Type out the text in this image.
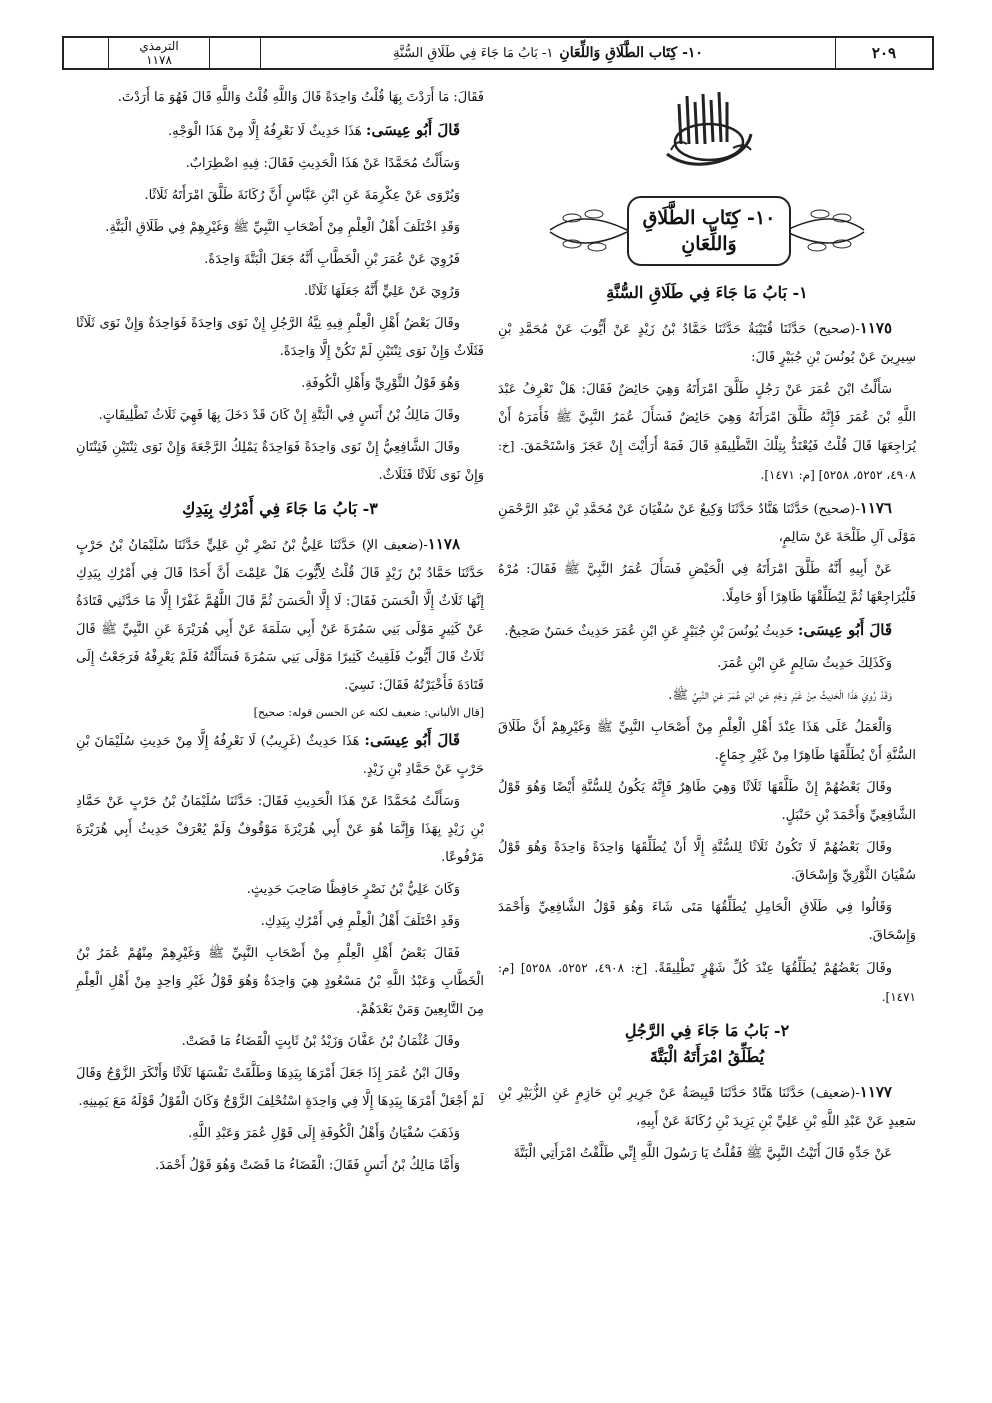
الترمذي
١١٧٨	١٠- كِتَاب الطَّلَاقِ وَاللِّعَانِ
١- بَابُ مَا جَاءَ فِي طَلَاقِ السُّنَّةِ	٢٠٩
١٠- كِتَاب الطَّلَاقِ
وَاللِّعَانِ
١- بَابُ مَا جَاءَ فِي طَلَاقِ السُّنَّةِ

١١٧٥-(صحيح) حَدَّثَنَا قُتَيْبَةُ حَدَّثَنَا حَمَّادُ بْنُ زَيْدٍ عَنْ أَيُّوبَ عَنْ مُحَمَّدِ بْنِ سِيرِينَ عَنْ يُونُسَ بْنِ جُبَيْرٍ قَالَ:

سَأَلْتُ ابْنَ عُمَرَ عَنْ رَجُلٍ طَلَّقَ امْرَأَتَهُ وَهِيَ حَائِضٌ فَقَالَ: هَلْ تَعْرِفُ عَبْدَ اللَّهِ بْنَ عُمَرَ فَإِنَّهُ طَلَّقَ امْرَأَتَهُ وَهِيَ حَائِضٌ فَسَأَلَ عُمَرُ النَّبِيَّ ﷺ فَأَمَرَهُ أَنْ يُرَاجِعَهَا قَالَ قُلْتُ فَيُعْتَدُّ بِتِلْكَ التَّطْلِيقَةِ قَالَ فَمَهْ أَرَأَيْتَ إِنْ عَجَزَ وَاسْتَحْمَقَ. [خ: ٤٩٠٨، ٥٢٥٢، ٥٢٥٨] [م: ١٤٧١].

١١٧٦-(صحيح) حَدَّثَنَا هَنَّادٌ حَدَّثَنَا وَكِيعٌ عَنْ سُفْيَانَ عَنْ مُحَمَّدِ بْنِ عَبْدِ الرَّحْمَنِ مَوْلَى آلِ طَلْحَةَ عَنْ سَالِمٍ،

عَنْ أَبِيهِ أَنَّهُ طَلَّقَ امْرَأَتَهُ فِي الْحَيْضِ فَسَأَلَ عُمَرُ النَّبِيَّ ﷺ فَقَالَ: مُرْهُ فَلْيُرَاجِعْهَا ثُمَّ لِيُطَلِّقْهَا طَاهِرًا أَوْ حَامِلًا.

قَالَ أَبُو عِيسَى: حَدِيثُ يُونُسَ بْنِ جُبَيْرٍ عَنِ ابْنِ عُمَرَ حَدِيثٌ حَسَنٌ صَحِيحٌ.

وَكَذَلِكَ حَدِيثُ سَالِمٍ عَنِ ابْنِ عُمَرَ.

وَقَدْ رُوِيَ هَذَا الْحَدِيثُ مِنْ غَيْرِ وَجْهٍ عَنِ ابْنِ عُمَرَ عَنِ النَّبِيِّ ﷺ.

وَالْعَمَلُ عَلَى هَذَا عِنْدَ أَهْلِ الْعِلْمِ مِنْ أَصْحَابِ النَّبِيِّ ﷺ وَغَيْرِهِمْ أَنَّ طَلَاقَ السُّنَّةِ أَنْ يُطَلِّقَهَا طَاهِرًا مِنْ غَيْرِ جِمَاعٍ.

وقَالَ بَعْضُهُمْ إِنْ طَلَّقَهَا ثَلَاثًا وَهِيَ طَاهِرٌ فَإِنَّهُ يَكُونُ لِلسُّنَّةِ أَيْضًا وَهُوَ قَوْلُ الشَّافِعِيِّ وَأَحْمَدَ بْنِ حَنْبَلٍ.

وقَالَ بَعْضُهُمْ لَا تَكُونُ ثَلَاثًا لِلسُّنَّةِ إِلَّا أَنْ يُطَلِّقَهَا وَاحِدَةً وَاحِدَةً وَهُوَ قَوْلُ سُفْيَانَ الثَّوْرِيِّ وَإِسْحَاقَ.

وَقَالُوا فِي طَلَاقِ الْحَامِلِ يُطَلِّقُهَا مَتَى شَاءَ وَهُوَ قَوْلُ الشَّافِعِيِّ وَأَحْمَدَ وَإِسْحَاقَ.

وقَالَ بَعْضُهُمْ يُطَلِّقُهَا عِنْدَ كُلِّ شَهْرٍ تَطْلِيقَةً. [خ: ٤٩٠٨، ٥٢٥٢، ٥٢٥٨] [م: ١٤٧١].

٢- بَابُ مَا جَاءَ فِي الرَّجُلِ
يُطَلِّقُ امْرَأَتَهُ الْبَتَّةَ

١١٧٧-(ضعيف) حَدَّثَنَا هَنَّادٌ حَدَّثَنَا قَبِيصَةُ عَنْ جَرِيرِ بْنِ حَازِمٍ عَنِ الزُّبَيْرِ بْنِ سَعِيدٍ عَنْ عَبْدِ اللَّهِ بْنِ عَلِيِّ بْنِ يَزِيدَ بْنِ رُكَانَةَ عَنْ أَبِيهِ،

عَنْ جَدِّهِ قَالَ أَتَيْتُ النَّبِيَّ ﷺ فَقُلْتُ يَا رَسُولَ اللَّهِ إِنِّي طَلَّقْتُ امْرَأَتِي الْبَتَّةَ

فَقَالَ: مَا أَرَدْتَ بِهَا قُلْتُ وَاحِدَةً قَالَ وَاللَّهِ قُلْتُ وَاللَّهِ قَالَ فَهُوَ مَا أَرَدْتَ.

قَالَ أَبُو عِيسَى: هَذَا حَدِيثٌ لَا نَعْرِفُهُ إِلَّا مِنْ هَذَا الْوَجْهِ.

وَسَأَلْتُ مُحَمَّدًا عَنْ هَذَا الْحَدِيثِ فَقَالَ: فِيهِ اضْطِرَابٌ.

وَيُرْوَى عَنْ عِكْرِمَةَ عَنِ ابْنِ عَبَّاسٍ أَنَّ رُكَانَةَ طَلَّقَ امْرَأَتَهُ ثَلَاثًا.

وَقَدِ اخْتَلَفَ أَهْلُ الْعِلْمِ مِنْ أَصْحَابِ النَّبِيِّ ﷺ وَغَيْرِهِمْ فِي طَلَاقِ الْبَتَّةِ.

فَرُوِيَ عَنْ عُمَرَ بْنِ الْخَطَّابِ أَنَّهُ جَعَلَ الْبَتَّةَ وَاحِدَةً.

وَرُوِيَ عَنْ عَلِيٍّ أَنَّهُ جَعَلَهَا ثَلَاثًا.

وقَالَ بَعْضُ أَهْلِ الْعِلْمِ فِيهِ نِيَّةُ الرَّجُلِ إِنْ نَوَى وَاحِدَةً فَوَاحِدَةٌ وَإِنْ نَوَى ثَلَاثًا فَثَلَاثٌ وَإِنْ نَوَى ثِنْتَيْنِ لَمْ تَكُنْ إِلَّا وَاحِدَةً.

وَهُوَ قَوْلُ الثَّوْرِيِّ وَأَهْلِ الْكُوفَةِ.

وقَالَ مَالِكُ بْنُ أَنَسٍ فِي الْبَتَّةِ إِنْ كَانَ قَدْ دَخَلَ بِهَا فَهِيَ ثَلَاثُ تَطْلِيقَاتٍ.

وقَالَ الشَّافِعِيُّ إِنْ نَوَى وَاحِدَةً فَوَاحِدَةٌ يَمْلِكُ الرَّجْعَةَ وَإِنْ نَوَى ثِنْتَيْنِ فَثِنْتَانِ وَإِنْ نَوَى ثَلَاثًا فَثَلَاثٌ.

٣- بَابُ مَا جَاءَ فِي أَمْرُكِ بِيَدِكِ

١١٧٨-(ضعيف الإ) حَدَّثَنَا عَلِيُّ بْنُ نَصْرِ بْنِ عَلِيٍّ حَدَّثَنَا سُلَيْمَانُ بْنُ حَرْبٍ حَدَّثَنَا حَمَّادُ بْنُ زَيْدٍ قَالَ قُلْتُ لِأَيُّوبَ هَلْ عَلِمْتَ أَنَّ أَحَدًا قَالَ فِي أَمْرُكِ بِيَدِكِ إِنَّهَا ثَلَاثٌ إِلَّا الْحَسَنَ فَقَالَ: لَا إِلَّا الْحَسَنَ ثُمَّ قَالَ اللَّهُمَّ غَفْرًا إِلَّا مَا حَدَّثَنِي قَتَادَةُ عَنْ كَثِيرٍ مَوْلَى بَنِي سَمُرَةَ عَنْ أَبِي سَلَمَةَ عَنْ أَبِي هُرَيْرَةَ عَنِ النَّبِيِّ ﷺ قَالَ ثَلَاثٌ قَالَ أَيُّوبُ فَلَقِيتُ كَثِيرًا مَوْلَى بَنِي سَمُرَةَ فَسَأَلْتُهُ فَلَمْ يَعْرِفْهُ فَرَجَعْتُ إِلَى قَتَادَةَ فَأَخْبَرْتُهُ فَقَالَ: نَسِيَ.

[قال الألباني: ضعيف لكنه عن الحسن قوله: صحيح]

قَالَ أَبُو عِيسَى: هَذَا حَدِيثٌ (غَرِيبٌ) لَا نَعْرِفُهُ إِلَّا مِنْ حَدِيثِ سُلَيْمَانَ بْنِ حَرْبٍ عَنْ حَمَّادِ بْنِ زَيْدٍ.

وَسَأَلْتُ مُحَمَّدًا عَنْ هَذَا الْحَدِيثِ فَقَالَ: حَدَّثَنَا سُلَيْمَانُ بْنُ حَرْبٍ عَنْ حَمَّادِ بْنِ زَيْدٍ بِهَذَا وَإِنَّمَا هُوَ عَنْ أَبِي هُرَيْرَةَ مَوْقُوفٌ وَلَمْ يُعْرَفْ حَدِيثُ أَبِي هُرَيْرَةَ مَرْفُوعًا.

وَكَانَ عَلِيُّ بْنُ نَصْرٍ حَافِظًا صَاحِبَ حَدِيثٍ.

وَقَدِ اخْتَلَفَ أَهْلُ الْعِلْمِ فِي أَمْرُكِ بِيَدِكِ.

فَقَالَ بَعْضُ أَهْلِ الْعِلْمِ مِنْ أَصْحَابِ النَّبِيِّ ﷺ وَغَيْرِهِمْ مِنْهُمْ عُمَرُ بْنُ الْخَطَّابِ وَعَبْدُ اللَّهِ بْنُ مَسْعُودٍ هِيَ وَاحِدَةٌ وَهُوَ قَوْلُ غَيْرِ وَاحِدٍ مِنْ أَهْلِ الْعِلْمِ مِنَ التَّابِعِينَ وَمَنْ بَعْدَهُمْ.

وقَالَ عُثْمَانُ بْنُ عَفَّانَ وَزَيْدُ بْنُ ثَابِتٍ الْقَضَاءُ مَا قَضَتْ.

وقَالَ ابْنُ عُمَرَ إِذَا جَعَلَ أَمْرَهَا بِيَدِهَا وَطَلَّقَتْ نَفْسَهَا ثَلَاثًا وَأَنْكَرَ الزَّوْجُ وَقَالَ لَمْ أَجْعَلْ أَمْرَهَا بِيَدِهَا إِلَّا فِي وَاحِدَةٍ اسْتُحْلِفَ الزَّوْجُ وَكَانَ الْقَوْلُ قَوْلَهُ مَعَ يَمِينِهِ.

وَذَهَبَ سُفْيَانُ وَأَهْلُ الْكُوفَةِ إِلَى قَوْلِ عُمَرَ وَعَبْدِ اللَّهِ.

وَأَمَّا مَالِكُ بْنُ أَنَسٍ فَقَالَ: الْقَضَاءُ مَا قَضَتْ وَهُوَ قَوْلُ أَحْمَدَ.
